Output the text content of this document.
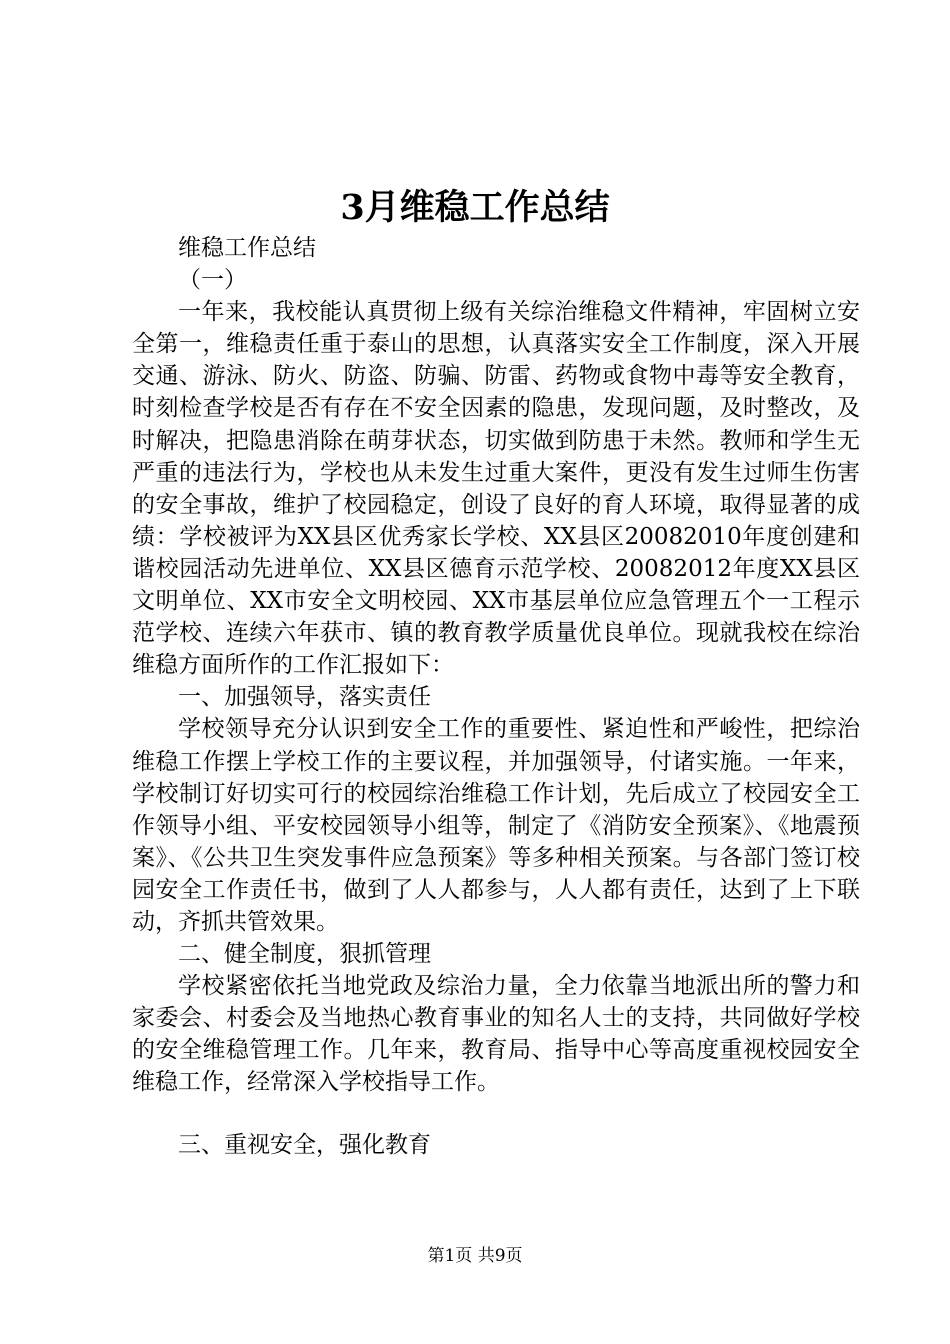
3月维稳工作总结

维稳工作总结

（一）

一年来，我校能认真贯彻上级有关综治维稳文件精神，牢固树立安全第一，维稳责任重于泰山的思想，认真落实安全工作制度，深入开展交通、游泳、防火、防盗、防骗、防雷、药物或食物中毒等安全教育，时刻检查学校是否有存在不安全因素的隐患，发现问题，及时整改，及时解决，把隐患消除在萌芽状态，切实做到防患于未然。教师和学生无严重的违法行为，学校也从未发生过重大案件，更没有发生过师生伤害的安全事故，维护了校园稳定，创设了良好的育人环境，取得显著的成绩：学校被评为XX县区优秀家长学校、XX县区20082010年度创建和谐校园活动先进单位、XX县区德育示范学校、20082012年度XX县区文明单位、XX市安全文明校园、XX市基层单位应急管理五个一工程示范学校、连续六年获市、镇的教育教学质量优良单位。现就我校在综治维稳方面所作的工作汇报如下：

一、加强领导，落实责任

学校领导充分认识到安全工作的重要性、紧迫性和严峻性，把综治维稳工作摆上学校工作的主要议程，并加强领导，付诸实施。一年来，学校制订好切实可行的校园综治维稳工作计划，先后成立了校园安全工作领导小组、平安校园领导小组等，制定了《消防安全预案》、《地震预案》、《公共卫生突发事件应急预案》等多种相关预案。与各部门签订校园安全工作责任书，做到了人人都参与，人人都有责任，达到了上下联动，齐抓共管效果。

二、健全制度，狠抓管理

学校紧密依托当地党政及综治力量，全力依靠当地派出所的警力和家委会、村委会及当地热心教育事业的知名人士的支持，共同做好学校的安全维稳管理工作。几年来，教育局、指导中心等高度重视校园安全维稳工作，经常深入学校指导工作。

三、重视安全，强化教育

第1页 共9页
